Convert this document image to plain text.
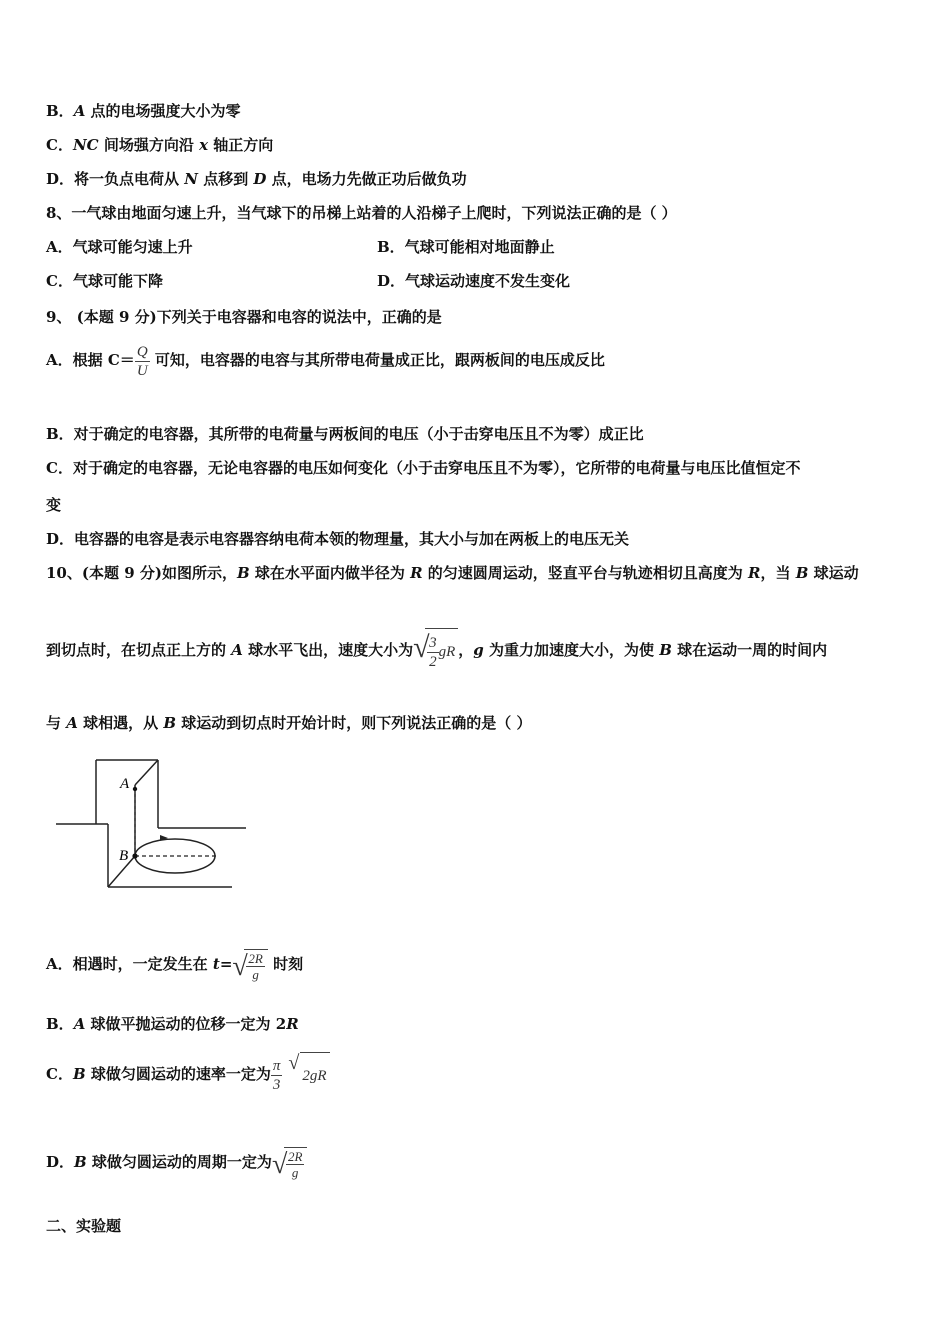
B．A 点的电场强度大小为零
C．NC 间场强方向沿 x 轴正方向
D．将一负点电荷从 N 点移到 D 点，电场力先做正功后做负功
8、一气球由地面匀速上升，当气球下的吊梯上站着的人沿梯子上爬时，下列说法正确的是（ ）
A．气球可能匀速上升	B．气球可能相对地面静止
C．气球可能下降	D．气球运动速度不发生变化
9、 (本题 9 分)下列关于电容器和电容的说法中，正确的是
A．根据 $C= \frac{Q}{U}$ 可知，电容器的电容与其所带电荷量成正比，跟两板间的电压成反比
B．对于确定的电容器，其所带的电荷量与两板间的电压（小于击穿电压且不为零）成正比
C．对于确定的电容器，无论电容器的电压如何变化（小于击穿电压且不为零），它所带的电荷量与电压比值恒定不
变
D．电容器的电容是表示电容器容纳电荷本领的物理量，其大小与加在两板上的电压无关
10、(本题 9 分)如图所示，B 球在水平面内做半径为 R 的匀速圆周运动，竖直平台与轨迹相切且高度为 R，当 B 球运动
到切点时，在切点正上方的 A 球水平飞出，速度大小为 √
$\frac{3}{2}$ gR ，g 为重力加速度大小，为使 B 球在运动一周的时间内
与 A 球相遇，从 B 球运动到切点时开始计时，则下列说法正确的是（ ）
A
B
A．相遇时，一定发生在 t= √
$\frac{2R}{g}$ 时刻
B．A 球做平抛运动的位移一定为 2R
C．B 球做匀圆运动的速率一定为 $\frac{\pi}{3}$ √
2gR
D．B 球做匀圆运动的周期一定为 √
$\frac{2R}{g}$
二、实验题
